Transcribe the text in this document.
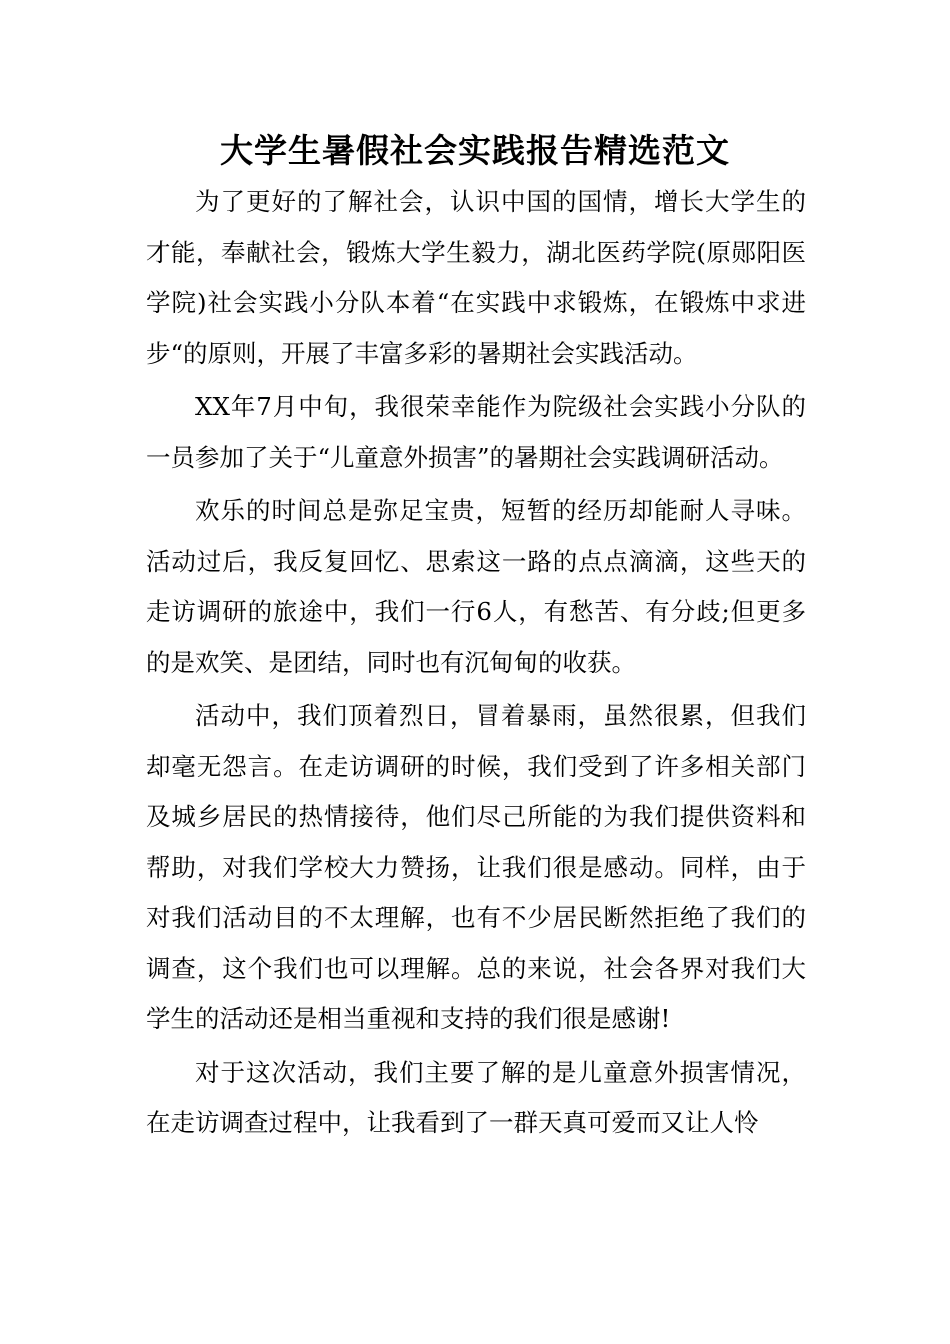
大学生暑假社会实践报告精选范文

为了更好的了解社会，认识中国的国情，增长大学生的才能，奉献社会，锻炼大学生毅力，湖北医药学院(原郧阳医学院)社会实践小分队本着“在实践中求锻炼，在锻炼中求进步“的原则，开展了丰富多彩的暑期社会实践活动。

XX年7月中旬，我很荣幸能作为院级社会实践小分队的一员参加了关于“儿童意外损害”的暑期社会实践调研活动。

欢乐的时间总是弥足宝贵，短暂的经历却能耐人寻味。活动过后，我反复回忆、思索这一路的点点滴滴，这些天的走访调研的旅途中，我们一行6人，有愁苦、有分歧;但更多的是欢笑、是团结，同时也有沉甸甸的收获。

活动中，我们顶着烈日，冒着暴雨，虽然很累，但我们却毫无怨言。在走访调研的时候，我们受到了许多相关部门及城乡居民的热情接待，他们尽己所能的为我们提供资料和帮助，对我们学校大力赞扬，让我们很是感动。同样，由于对我们活动目的不太理解，也有不少居民断然拒绝了我们的调查，这个我们也可以理解。总的来说，社会各界对我们大学生的活动还是相当重视和支持的我们很是感谢!

对于这次活动，我们主要了解的是儿童意外损害情况，在走访调查过程中，让我看到了一群天真可爱而又让人怜
